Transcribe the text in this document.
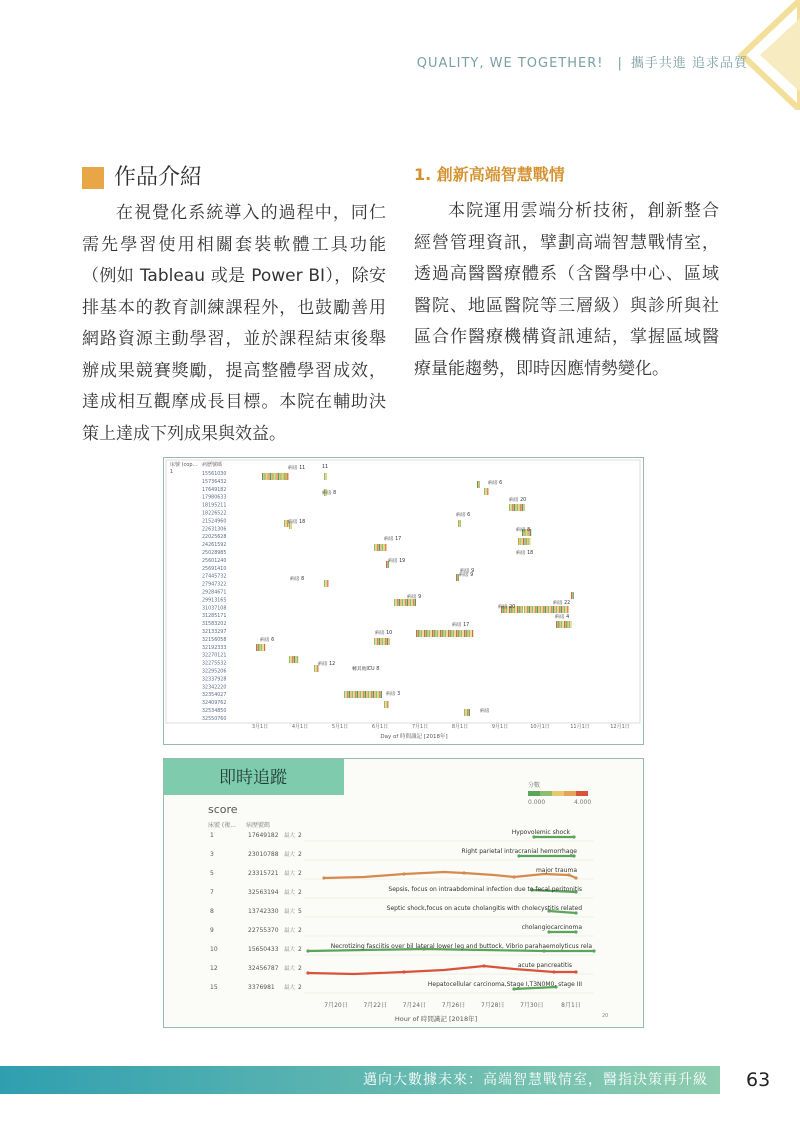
QUALITY, WE TOGETHER! | 攜手共進 追求品質
作品介紹

在視覺化系統導入的過程中，同仁需先學習使用相關套裝軟體工具功能（例如 Tableau 或是 Power BI），除安排基本的教育訓練課程外，也鼓勵善用網路資源主動學習，並於課程結束後舉辦成果競賽獎勵，提高整體學習成效，達成相互觀摩成長目標。本院在輔助決策上達成下列成果與效益。

1. 創新高端智慧戰情

本院運用雲端分析技術，創新整合經營管理資訊，擘劃高端智慧戰情室，透過高醫醫療體系（含醫學中心、區域醫院、地區醫院等三層級）與診所與社區合作醫療機構資訊連結，掌握區域醫療量能趨勢，即時因應情勢變化。

床號 (cop... 病歷號碼
1	15561030
15736432
17649182
17980633
18195211
18226522
21524960
22631306
22025628
24261592
25028985
25601240
25691410
27445732
27947322
29284671
29913165
31037108
31285171
31583202
32133297
32156058
32192333
32270121
32275532
32295206
32337928
32342220
32354027
32409762
32534850
32550760
病房 11	11
病房 8
病房 18
病房 6
病房 20
病房 6
病房 8
病房 17
病房 19
病房 18
病房 9
病房 8
病房 9
病房 9
病房 22
病房 4
病房 20
病房 10
病房 17
病房 6
病房 12
轉其他ICU 8
病房 3
病房
3月1日	4月1日	5月1日	6月1日	7月1日	8月1日	9月1日	10月1日	11月1日	12月1日
Day of 時間識記 [2018年]
即時追蹤	分數
0.000	4.000
score
床號 (複... 病歷號碼
1	17649182 最大 2	Hypovolemic shock
3	23010788 最大 2	Right parietal intracranial hemorrhage
5	23315721 最大 2	major trauma
7	32563194 最大 2	Sepsis, focus on intraabdominal infection due to fecal peritonitis
8	13742330 最大 5	Septic shock,focus on acute cholangitis with cholecystitis related
9	22755370 最大 2	cholangiocarcinoma
10	15650433 最大 2	Necrotizing fasciitis over bil lateral lower leg and buttock, Vibrio parahaemolyticus rela
12	32456787 最大 2	acute pancreatitis
15	3376981 最大 2	Hepatocellular carcinoma,Stage I,T3N0M0, stage III
7月20日	7月22日	7月24日	7月26日	7月28日	7月30日	8月1日
Hour of 時間識記 [2018年]	20
邁向大數據未來：高端智慧戰情室，醫指決策再升級 63
